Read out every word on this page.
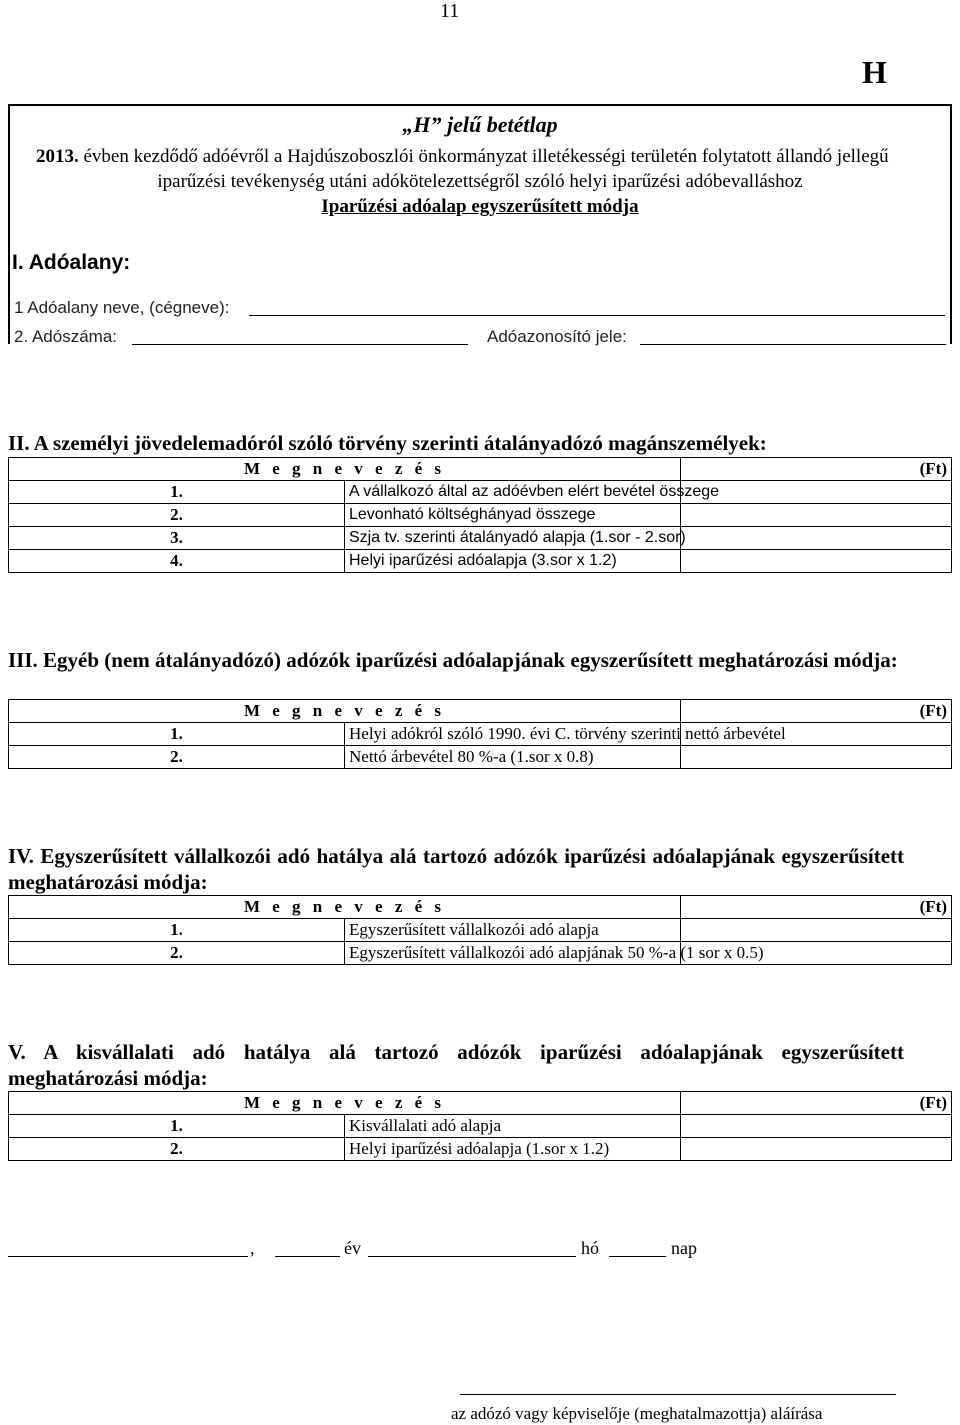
11
H
„H” jelű betétlap
2013. évben kezdődő adóévről a Hajdúszoboszlói önkormányzat illetékességi területén folytatott állandó jellegű
iparűzési tevékenység utáni adókötelezettségről szóló helyi iparűzési adóbevalláshoz
Iparűzési adóalap egyszerűsített módja
I. Adóalany:
1 Adóalany neve, (cégneve):
2. Adószáma:	Adóazonosító jele:
II. A személyi jövedelemadóról szóló törvény szerinti átalányadózó magánszemélyek:
M e g n e v e z é s		(Ft)
1.	A vállalkozó által az adóévben elért bevétel összege	
2.	Levonható költséghányad összege	
3.	Szja tv. szerinti átalányadó alapja (1.sor - 2.sor)	
4.	Helyi iparűzési adóalapja (3.sor x 1.2)	
III. Egyéb (nem átalányadózó) adózók iparűzési adóalapjának egyszerűsített meghatározási módja:
M e g n e v e z é s		(Ft)
1.	Helyi adókról szóló 1990. évi C. törvény szerinti nettó árbevétel	
2.	Nettó árbevétel 80 %-a (1.sor x 0.8)	
IV. Egyszerűsített vállalkozói adó hatálya alá tartozó adózók iparűzési adóalapjának egyszerűsített meghatározási módja:
M e g n e v e z é s		(Ft)
1.	Egyszerűsített vállalkozói adó alapja	
2.	Egyszerűsített vállalkozói adó alapjának 50 %-a (1 sor x 0.5)	
V. A kisvállalati adó hatálya alá tartozó adózók iparűzési adóalapjának egyszerűsített meghatározási módja:
M e g n e v e z é s		(Ft)
1.	Kisvállalati adó alapja	
2.	Helyi iparűzési adóalapja (1.sor x 1.2)	
,	év	hó	nap
az adózó vagy képviselője (meghatalmazottja) aláírása
